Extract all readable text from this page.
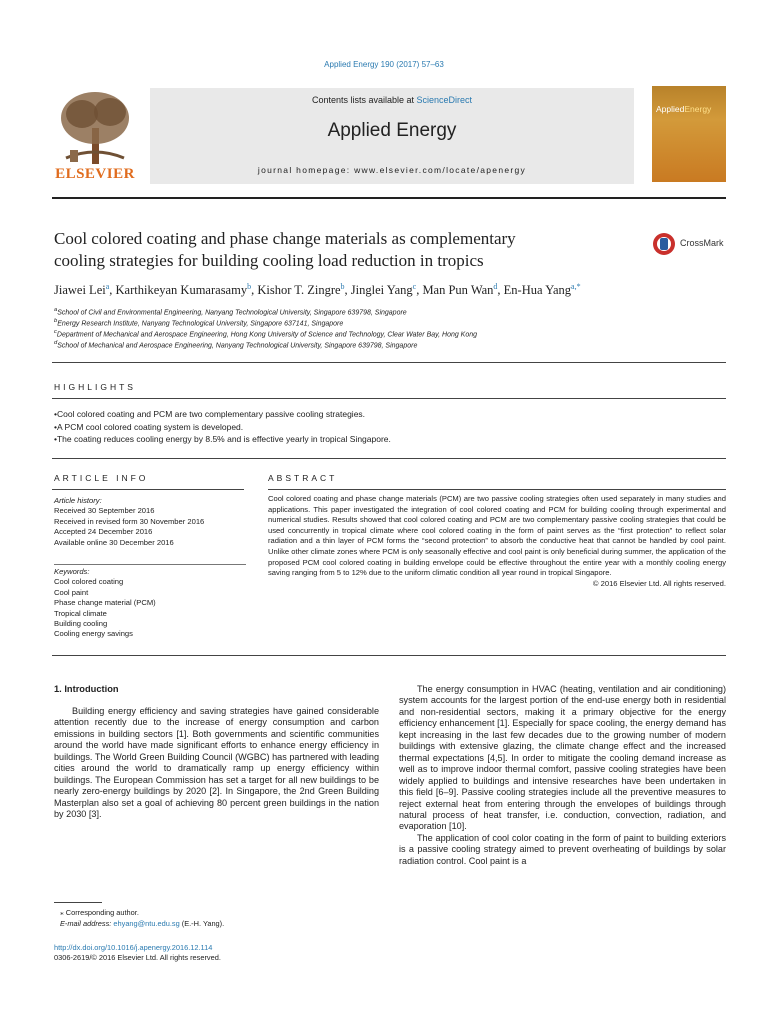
Applied Energy 190 (2017) 57–63
ELSEVIER
Contents lists available at ScienceDirect
Applied Energy
journal homepage: www.elsevier.com/locate/apenergy
AppliedEnergy
Cool colored coating and phase change materials as complementary
cooling strategies for building cooling load reduction in tropics
CrossMark
Jiawei Lei$^a$, Karthikeyan Kumarasamy$^b$, Kishor T. Zingre$^b$, Jinglei Yang$^c$, Man Pun Wan$^d$, En-Hua Yang$^{a,*}$
$^a$School of Civil and Environmental Engineering, Nanyang Technological University, Singapore 639798, Singapore
$^b$Energy Research Institute, Nanyang Technological University, Singapore 637141, Singapore
$^c$Department of Mechanical and Aerospace Engineering, Hong Kong University of Science and Technology, Clear Water Bay, Hong Kong
$^d$School of Mechanical and Aerospace Engineering, Nanyang Technological University, Singapore 639798, Singapore
HIGHLIGHTS
• Cool colored coating and PCM are two complementary passive cooling strategies.
• A PCM cool colored coating system is developed.
• The coating reduces cooling energy by 8.5% and is effective yearly in tropical Singapore.
ARTICLE INFO	ABSTRACT
Article history:
Received 30 September 2016
Received in revised form 30 November 2016
Accepted 24 December 2016
Available online 30 December 2016
Keywords:
Cool colored coating
Cool paint
Phase change material (PCM)
Tropical climate
Building cooling
Cooling energy savings
Cool colored coating and phase change materials (PCM) are two passive cooling strategies often used separately in many studies and applications. This paper investigated the integration of cool colored coating and PCM for building cooling through experimental and numerical studies. Results showed that cool colored coating and PCM are two complementary passive cooling strategies that could be used concurrently in tropical climate where cool colored coating in the form of paint serves as the “first protection” to reflect solar radiation and a thin layer of PCM forms the “second protection” to absorb the conductive heat that cannot be handled by cool paint. Unlike other climate zones where PCM is only seasonally effective and cool paint is only beneficial during summer, the application of the proposed PCM cool colored coating in building envelope could be effective throughout the entire year with a monthly cooling energy saving ranging from 5 to 12% due to the uniform climatic condition all year round in tropical Singapore.
© 2016 Elsevier Ltd. All rights reserved.
1. Introduction

Building energy efficiency and saving strategies have gained considerable attention recently due to the increase of energy consumption and carbon emissions in building sectors [1]. Both governments and scientific communities around the world have made significant efforts to enhance energy efficiency in buildings. The World Green Building Council (WGBC) has partnered with leading cities around the world to dramatically ramp up energy efficiency within buildings. The European Commission has set a target for all new buildings to be nearly zero-energy buildings by 2020 [2]. In Singapore, the 2nd Green Building Masterplan also set a goal of achieving 80 percent green buildings in the nation by 2030 [3].

The energy consumption in HVAC (heating, ventilation and air conditioning) system accounts for the largest portion of the end-use energy both in residential and non-residential sectors, making it a primary objective for the energy efficiency enhancement [1]. Especially for space cooling, the energy demand has kept increasing in the last few decades due to the growing number of modern buildings with extensive glazing, the climate change effect and the increased thermal expectations [4,5]. In order to mitigate the cooling demand increase as well as to improve indoor thermal comfort, passive cooling strategies have been widely applied to buildings and intensive researches have been undertaken in this field [6–9]. Passive cooling strategies include all the preventive measures to reject external heat from entering through the envelopes of buildings through natural process of heat transfer, i.e. conduction, convection, radiation, and evaporation [10].

The application of cool color coating in the form of paint to building exteriors is a passive cooling strategy aimed to prevent overheating of buildings by solar radiation control. Cool paint is a

⁎ Corresponding author.
E-mail address: ehyang@ntu.edu.sg (E.-H. Yang).
http://dx.doi.org/10.1016/j.apenergy.2016.12.114
0306-2619/© 2016 Elsevier Ltd. All rights reserved.
